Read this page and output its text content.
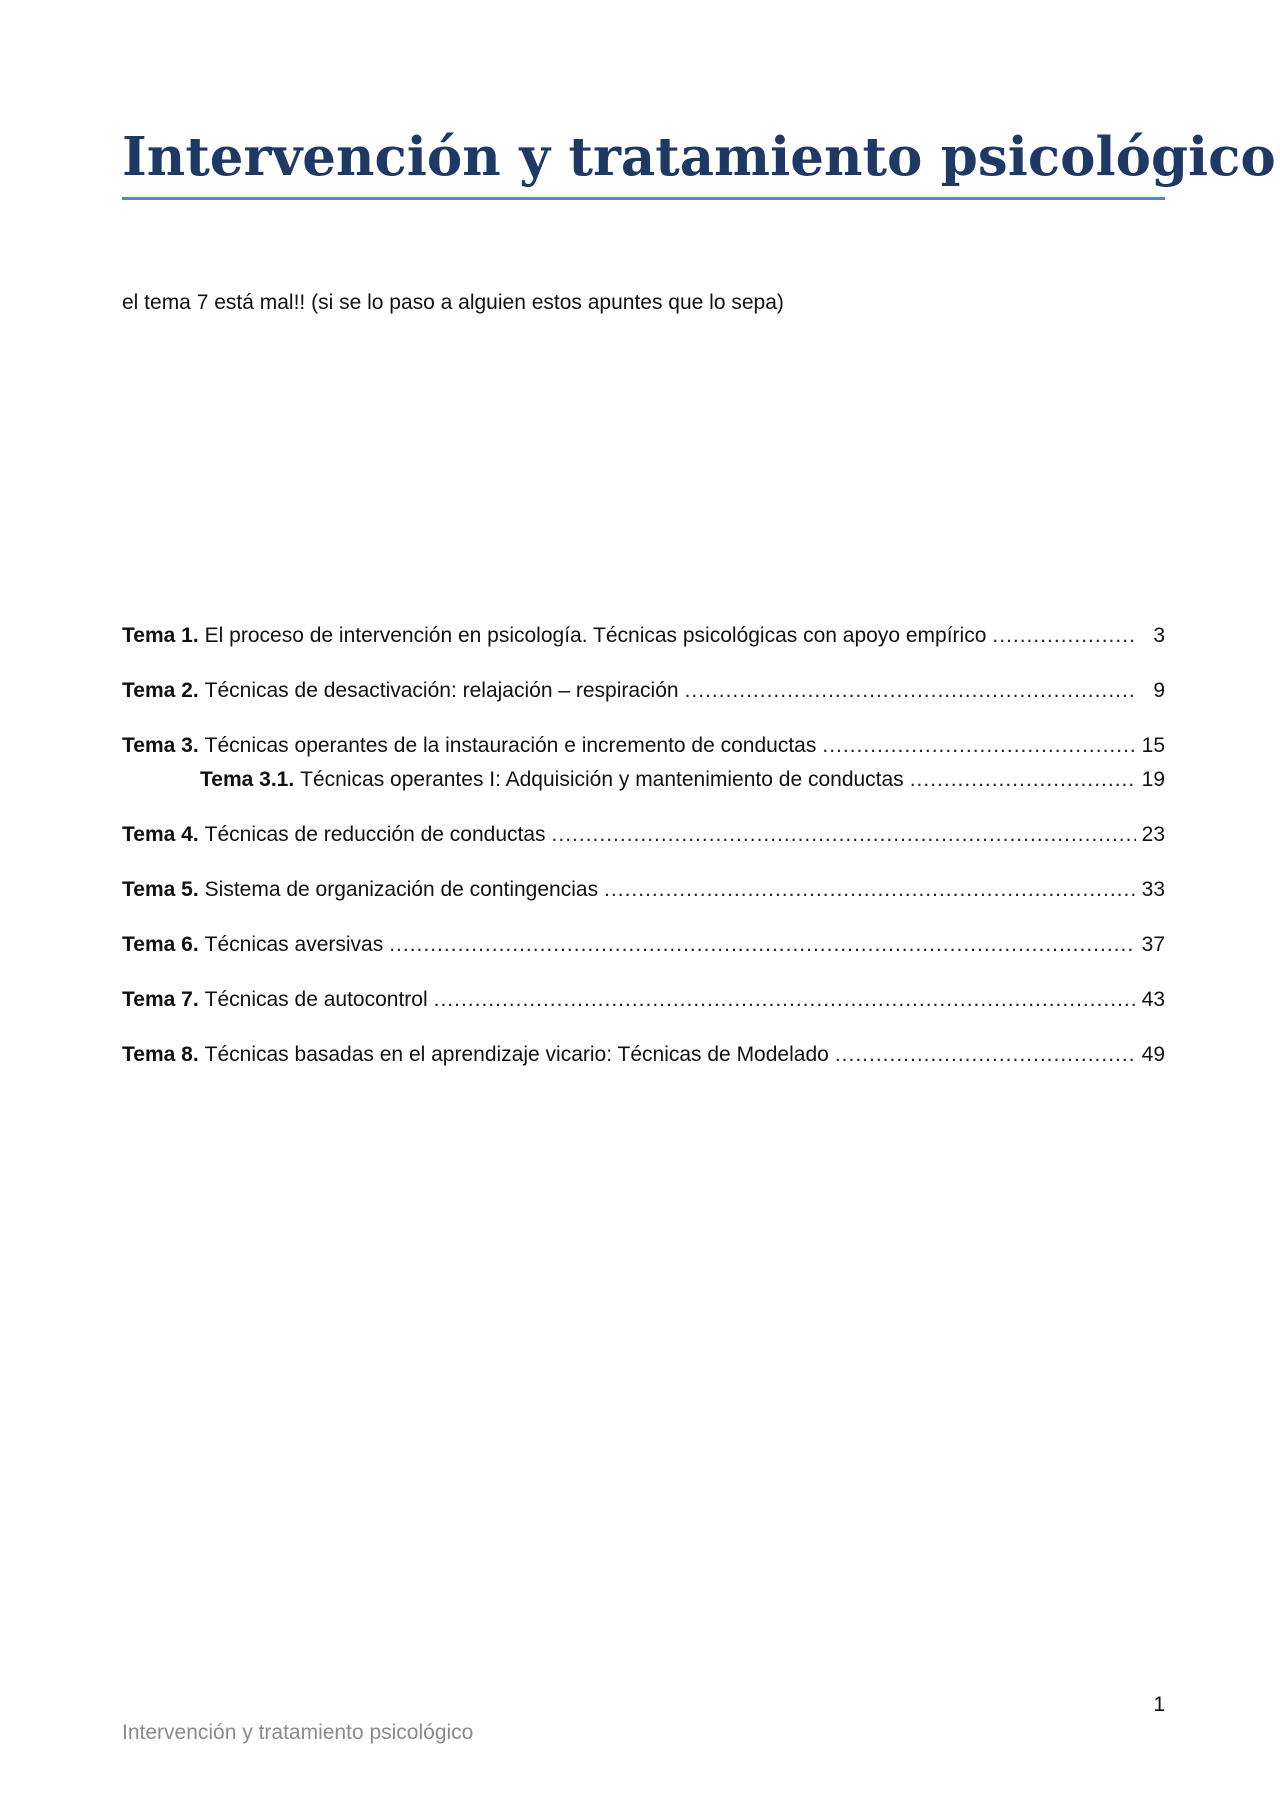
Intervención y tratamiento psicológico
el tema 7 está mal!! (si se lo paso a alguien estos apuntes que lo sepa)
Tema 1. El proceso de intervención en psicología. Técnicas psicológicas con apoyo empírico .....	3
Tema 2. Técnicas de desactivación: relajación – respiración .....	9
Tema 3. Técnicas operantes de la instauración e incremento de conductas .....	15
Tema 3.1. Técnicas operantes I: Adquisición y mantenimiento de conductas .....	19
Tema 4. Técnicas de reducción de conductas .....	23
Tema 5. Sistema de organización de contingencias .....	33
Tema 6. Técnicas aversivas .....	37
Tema 7. Técnicas de autocontrol .....	43
Tema 8. Técnicas basadas en el aprendizaje vicario: Técnicas de Modelado .....	49
1
Intervención y tratamiento psicológico
